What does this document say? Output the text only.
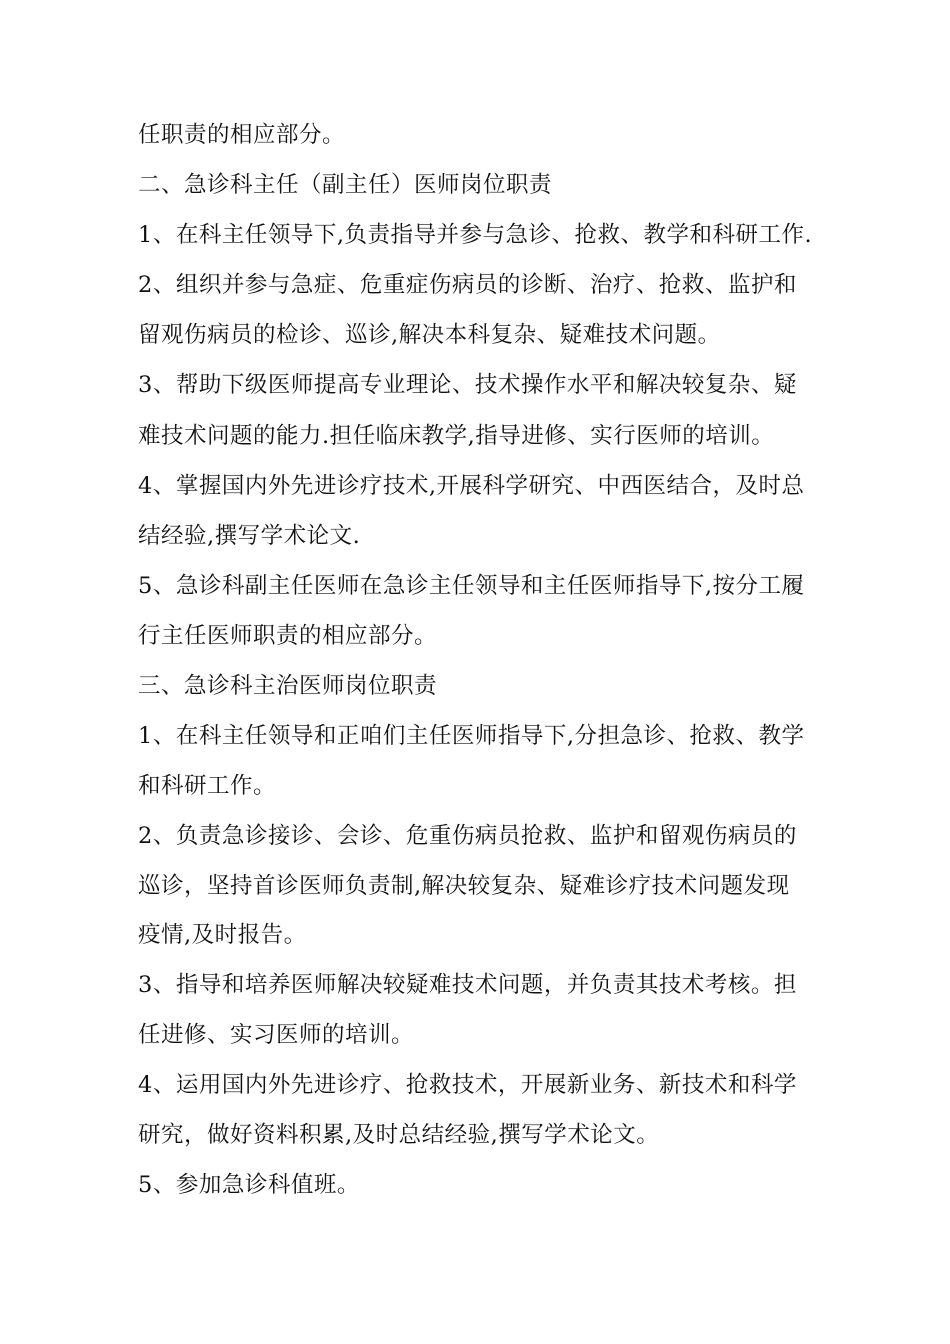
任职责的相应部分。
二、急诊科主任（副主任）医师岗位职责
1、在科主任领导下,负责指导并参与急诊、抢救、教学和科研工作.
2、组织并参与急症、危重症伤病员的诊断、治疗、抢救、监护和
留观伤病员的检诊、巡诊,解决本科复杂、疑难技术问题。
3、帮助下级医师提高专业理论、技术操作水平和解决较复杂、疑
难技术问题的能力.担任临床教学,指导进修、实行医师的培训。
4、掌握国内外先进诊疗技术,开展科学研究、中西医结合，及时总
结经验,撰写学术论文.
5、急诊科副主任医师在急诊主任领导和主任医师指导下,按分工履
行主任医师职责的相应部分。
三、急诊科主治医师岗位职责
1、在科主任领导和正咱们主任医师指导下,分担急诊、抢救、教学
和科研工作。
2、负责急诊接诊、会诊、危重伤病员抢救、监护和留观伤病员的
巡诊，坚持首诊医师负责制,解决较复杂、疑难诊疗技术问题发现
疫情,及时报告。
3、指导和培养医师解决较疑难技术问题，并负责其技术考核。担
任进修、实习医师的培训。
4、运用国内外先进诊疗、抢救技术，开展新业务、新技术和科学
研究，做好资料积累,及时总结经验,撰写学术论文。
5、参加急诊科值班。
